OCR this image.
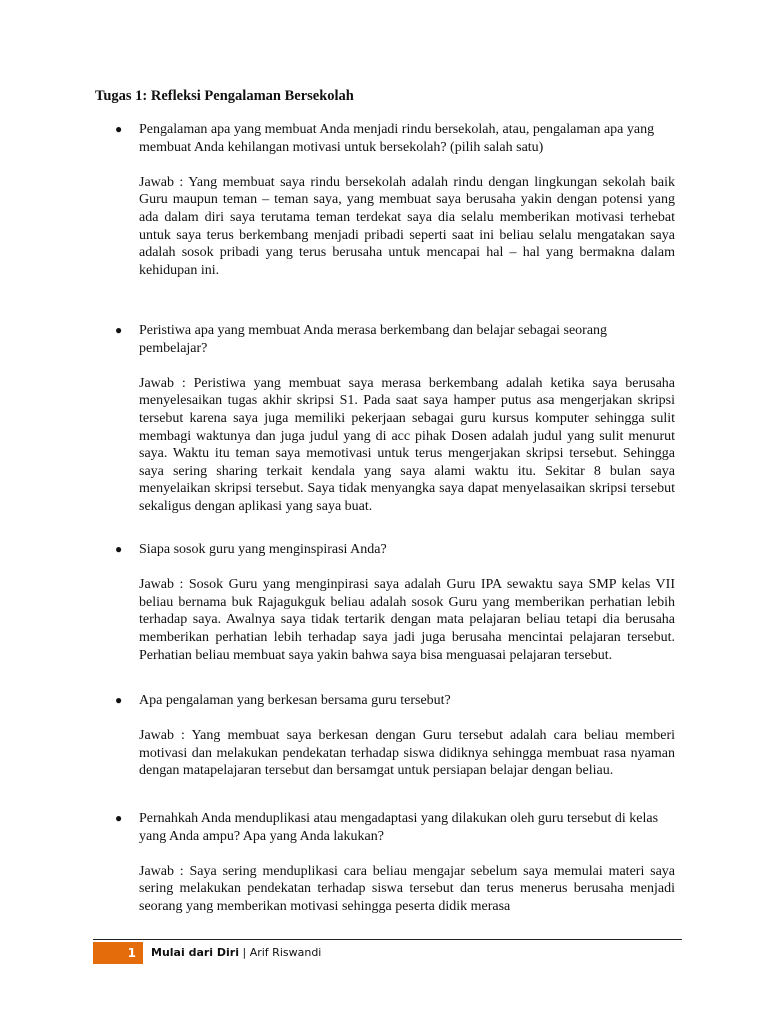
Tugas 1: Refleksi Pengalaman Bersekolah
● Pengalaman apa yang membuat Anda menjadi rindu bersekolah, atau, pengalaman apa yang membuat Anda kehilangan motivasi untuk bersekolah? (pilih salah satu)

Jawab : Yang membuat saya rindu bersekolah adalah rindu dengan lingkungan sekolah baik Guru maupun teman – teman saya, yang membuat saya berusaha yakin dengan potensi yang ada dalam diri saya terutama teman terdekat saya dia selalu memberikan motivasi terhebat untuk saya terus berkembang menjadi pribadi seperti saat ini beliau selalu mengatakan saya adalah sosok pribadi yang terus berusaha untuk mencapai hal – hal yang bermakna dalam kehidupan ini.

● Peristiwa apa yang membuat Anda merasa berkembang dan belajar sebagai seorang pembelajar?

Jawab : Peristiwa yang membuat saya merasa berkembang adalah ketika saya berusaha menyelesaikan tugas akhir skripsi S1. Pada saat saya hamper putus asa mengerjakan skripsi tersebut karena saya juga memiliki pekerjaan sebagai guru kursus komputer sehingga sulit membagi waktunya dan juga judul yang di acc pihak Dosen adalah judul yang sulit menurut saya. Waktu itu teman saya memotivasi untuk terus mengerjakan skripsi tersebut. Sehingga saya sering sharing terkait kendala yang saya alami waktu itu. Sekitar 8 bulan saya menyelaikan skripsi tersebut. Saya tidak menyangka saya dapat menyelasaikan skripsi tersebut sekaligus dengan aplikasi yang saya buat.

● Siapa sosok guru yang menginspirasi Anda?

Jawab : Sosok Guru yang menginpirasi saya adalah Guru IPA sewaktu saya SMP kelas VII beliau bernama buk Rajagukguk beliau adalah sosok Guru yang memberikan perhatian lebih terhadap saya. Awalnya saya tidak tertarik dengan mata pelajaran beliau tetapi dia berusaha memberikan perhatian lebih terhadap saya jadi juga berusaha mencintai pelajaran tersebut. Perhatian beliau membuat saya yakin bahwa saya bisa menguasai pelajaran tersebut.

● Apa pengalaman yang berkesan bersama guru tersebut?

Jawab : Yang membuat saya berkesan dengan Guru tersebut adalah cara beliau memberi motivasi dan melakukan pendekatan terhadap siswa didiknya sehingga membuat rasa nyaman dengan matapelajaran tersebut dan bersamgat untuk persiapan belajar dengan beliau.

● Pernahkah Anda menduplikasi atau mengadaptasi yang dilakukan oleh guru tersebut di kelas yang Anda ampu? Apa yang Anda lakukan?

Jawab : Saya sering menduplikasi cara beliau mengajar sebelum saya memulai materi saya sering melakukan pendekatan terhadap siswa tersebut dan terus menerus berusaha menjadi seorang yang memberikan motivasi sehingga peserta didik merasa

1	Mulai dari Diri | Arif Riswandi
